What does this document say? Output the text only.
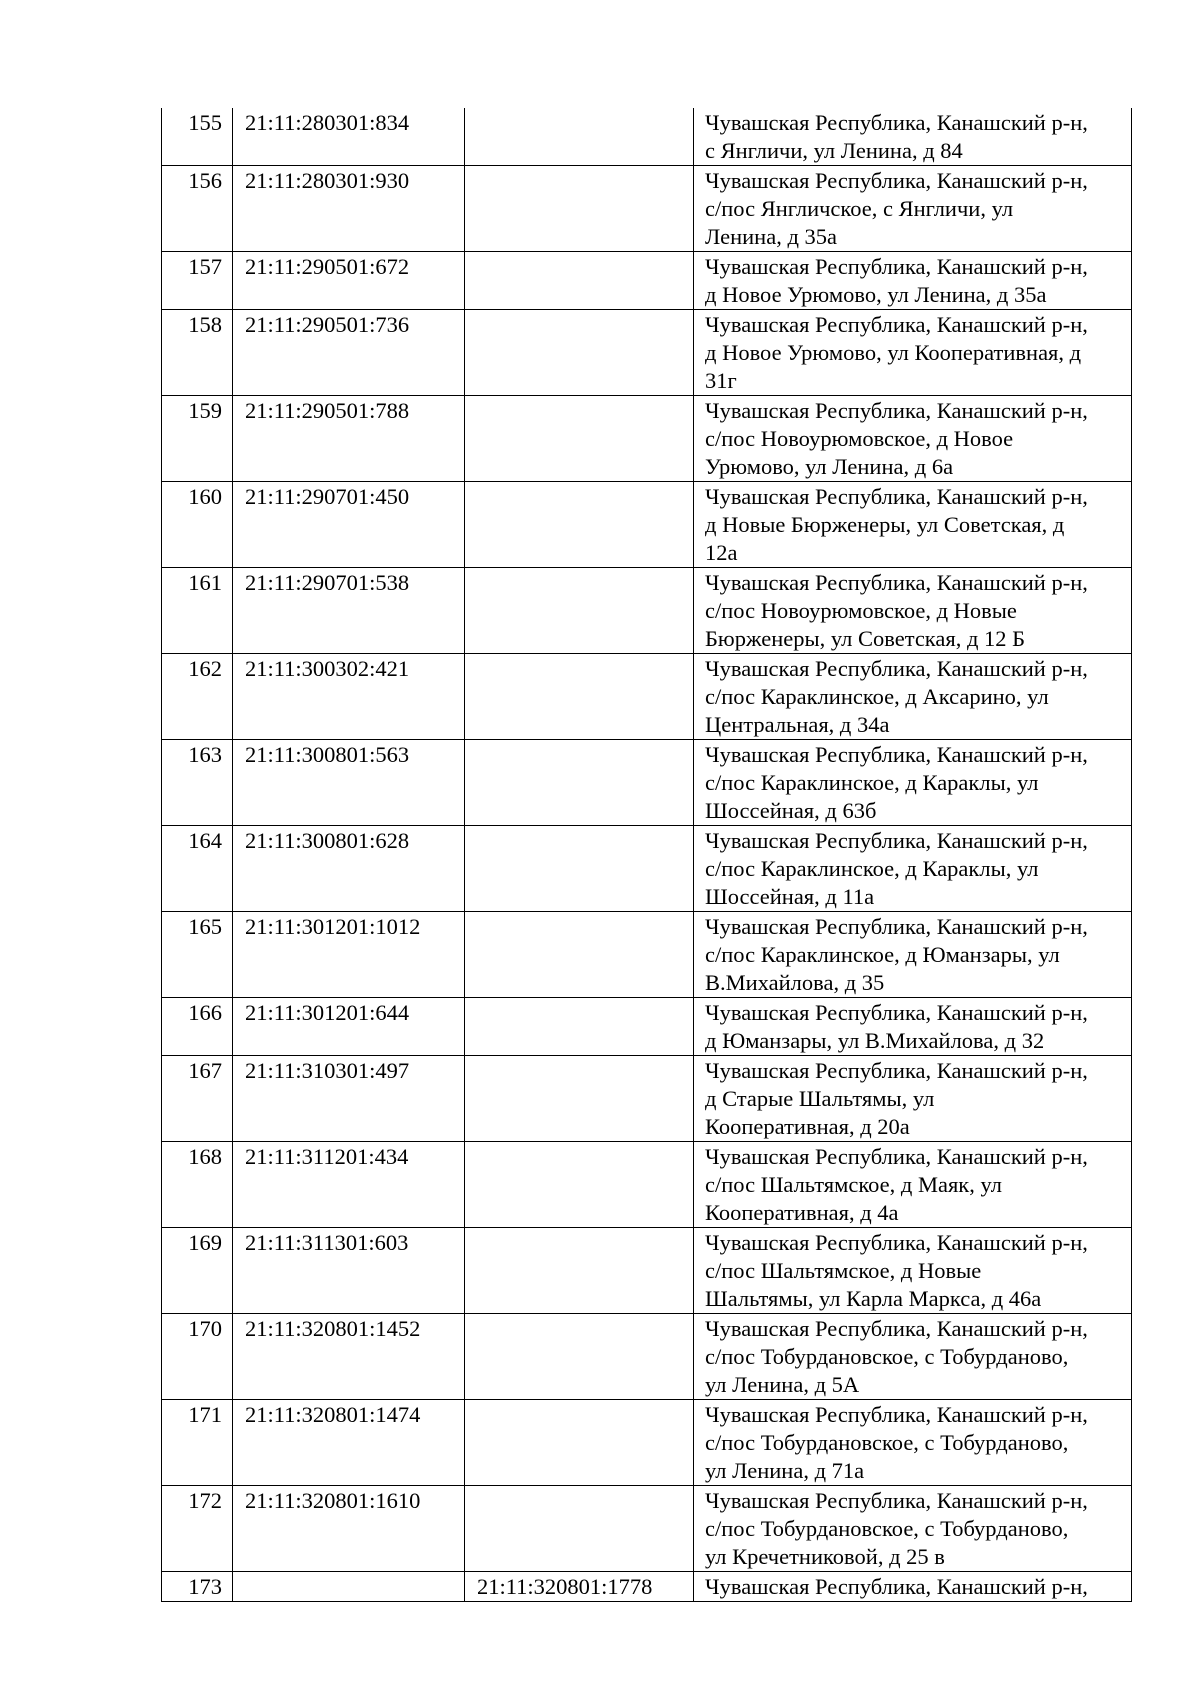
155	21:11:280301:834		Чувашская Республика, Канашский р-н,
с Янгличи, ул Ленина, д 84
156	21:11:280301:930		Чувашская Республика, Канашский р-н,
с/пос Янгличское, с Янгличи, ул
Ленина, д 35а
157	21:11:290501:672		Чувашская Республика, Канашский р-н,
д Новое Урюмово, ул Ленина, д 35а
158	21:11:290501:736		Чувашская Республика, Канашский р-н,
д Новое Урюмово, ул Кооперативная, д
31г
159	21:11:290501:788		Чувашская Республика, Канашский р-н,
с/пос Новоурюмовское, д Новое
Урюмово, ул Ленина, д 6а
160	21:11:290701:450		Чувашская Республика, Канашский р-н,
д Новые Бюрженеры, ул Советская, д
12а
161	21:11:290701:538		Чувашская Республика, Канашский р-н,
с/пос Новоурюмовское, д Новые
Бюрженеры, ул Советская, д 12 Б
162	21:11:300302:421		Чувашская Республика, Канашский р-н,
с/пос Караклинское, д Аксарино, ул
Центральная, д 34а
163	21:11:300801:563		Чувашская Республика, Канашский р-н,
с/пос Караклинское, д Караклы, ул
Шоссейная, д 63б
164	21:11:300801:628		Чувашская Республика, Канашский р-н,
с/пос Караклинское, д Караклы, ул
Шоссейная, д 11а
165	21:11:301201:1012		Чувашская Республика, Канашский р-н,
с/пос Караклинское, д Юманзары, ул
В.Михайлова, д 35
166	21:11:301201:644		Чувашская Республика, Канашский р-н,
д Юманзары, ул В.Михайлова, д 32
167	21:11:310301:497		Чувашская Республика, Канашский р-н,
д Старые Шальтямы, ул
Кооперативная, д 20а
168	21:11:311201:434		Чувашская Республика, Канашский р-н,
с/пос Шальтямское, д Маяк, ул
Кооперативная, д 4а
169	21:11:311301:603		Чувашская Республика, Канашский р-н,
с/пос Шальтямское, д Новые
Шальтямы, ул Карла Маркса, д 46а
170	21:11:320801:1452		Чувашская Республика, Канашский р-н,
с/пос Тобурдановское, с Тобурданово,
ул Ленина, д 5А
171	21:11:320801:1474		Чувашская Республика, Канашский р-н,
с/пос Тобурдановское, с Тобурданово,
ул Ленина, д 71а
172	21:11:320801:1610		Чувашская Республика, Канашский р-н,
с/пос Тобурдановское, с Тобурданово,
ул Кречетниковой, д 25 в
173		21:11:320801:1778	Чувашская Республика, Канашский р-н,
